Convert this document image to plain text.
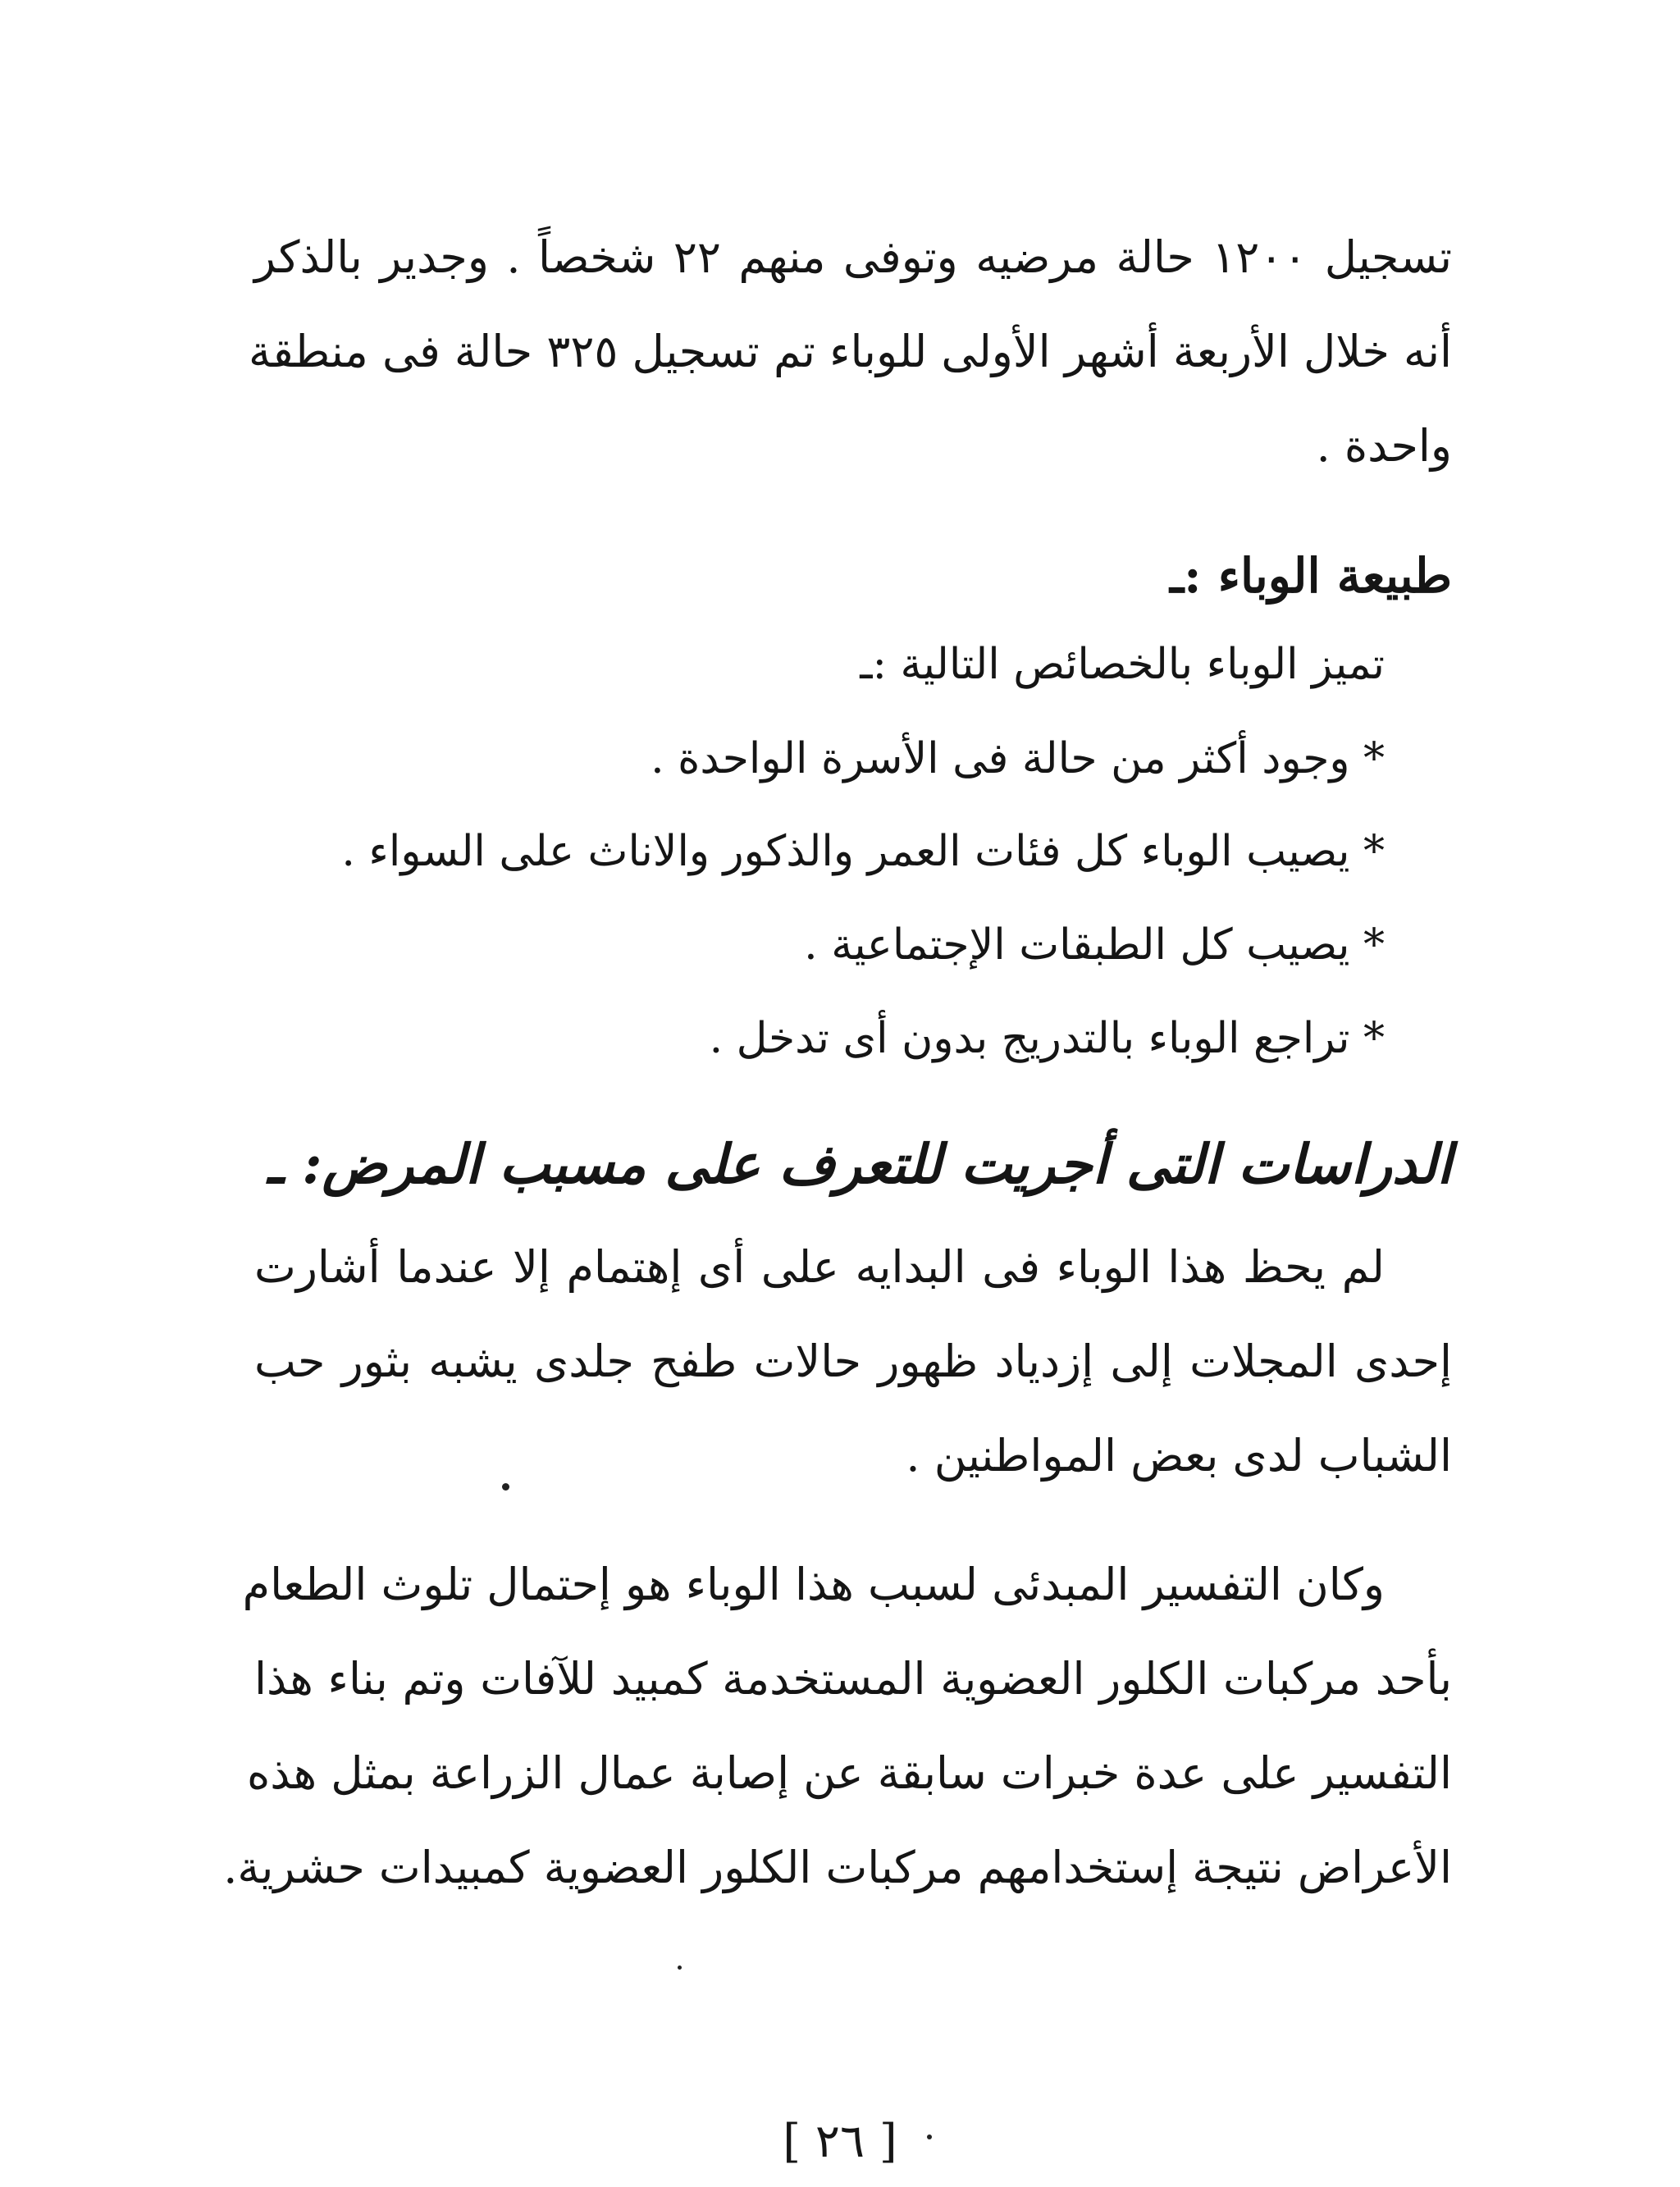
تسجيل ١٢٠٠ حالة مرضيه وتوفى منهم ٢٢ شخصاً . وجدير بالذكر
أنه خلال الأربعة أشهر الأولى للوباء تم تسجيل ٣٢٥ حالة فى منطقة
واحدة .
طبيعة الوباء :ـ
تميز الوباء بالخصائص التالية :ـ
* وجود أكثر من حالة فى الأسرة الواحدة .
* يصيب الوباء كل فئات العمر والذكور والاناث على السواء .
* يصيب كل الطبقات الإجتماعية .
* تراجع الوباء بالتدريج بدون أى تدخل .
الدراسات التى أجريت للتعرف على مسبب المرض: ـ
لم يحظ هذا الوباء فى البدايه على أى إهتمام إلا عندما أشارت
إحدى المجلات إلى إزدياد ظهور حالات طفح جلدى يشبه بثور حب
الشباب لدى بعض المواطنين .
وكان التفسير المبدئى لسبب هذا الوباء هو إحتمال تلوث الطعام
بأحد مركبات الكلور العضوية المستخدمة كمبيد للآفات وتم بناء هذا
التفسير على عدة خبرات سابقة عن إصابة عمال الزراعة بمثل هذه
الأعراض نتيجة إستخدامهم مركبات الكلور العضوية كمبيدات حشرية.
[ ٢٦ ]
